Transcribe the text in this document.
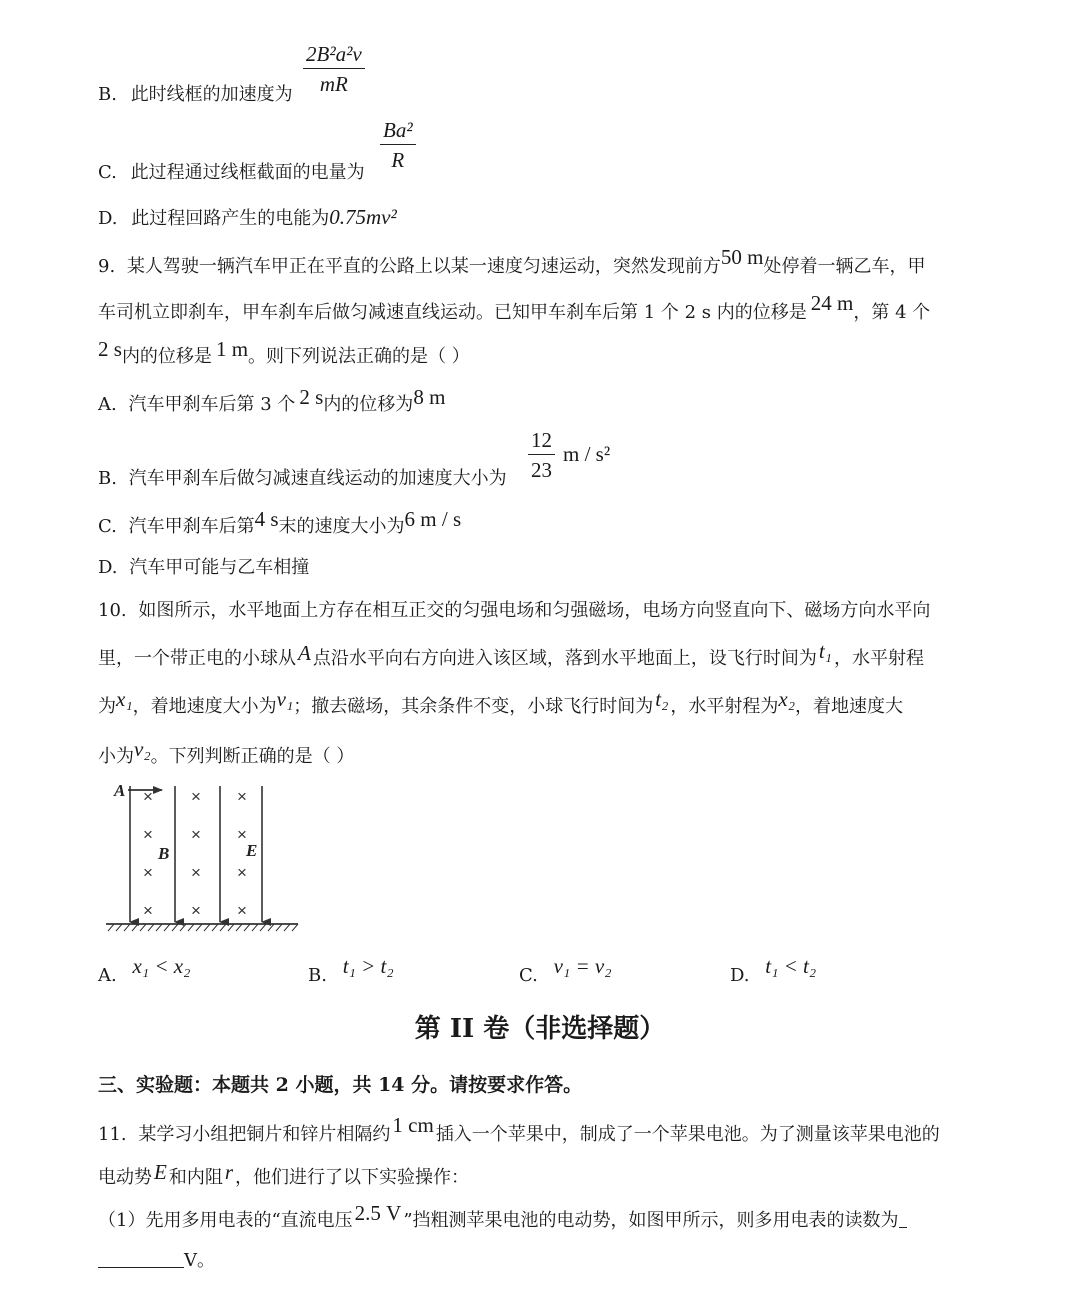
B. 此时线框的加速度为
2B²a²v
mR
C. 此过程通过线框截面的电量为
Ba²
R
D. 此过程回路产生的电能为0.75mv²
9. 某人驾驶一辆汽车甲正在平直的公路上以某一速度匀速运动，突然发现前方50 m处停着一辆乙车，甲
车司机立即刹车，甲车刹车后做匀减速直线运动。已知甲车刹车后第 1 个 2 s 内的位移是 24 m，第 4 个
2 s内的位移是 1 m。则下列说法正确的是（ ）
A. 汽车甲刹车后第 3 个 2 s内的位移为8 m
B. 汽车甲刹车后做匀减速直线运动的加速度大小为
12
23
m / s²
C. 汽车甲刹车后第4 s末的速度大小为6 m / s
D. 汽车甲可能与乙车相撞
10. 如图所示，水平地面上方存在相互正交的匀强电场和匀强磁场，电场方向竖直向下、磁场方向水平向
里，一个带正电的小球从A 点沿水平向右方向进入该区域，落到水平地面上，设飞行时间为t₁ ，水平射程
为x₁，着地速度大小为v₁；撤去磁场，其余条件不变，小球飞行时间为t₂ ，水平射程为x₂，着地速度大
小为v₂。下列判断正确的是（ ）
× × ×
× × ×
× × ×
× × ×
A
B	E
A. x₁ < x₂	B. t₁ > t₂	C. v₁ = v₂	D. t₁ < t₂
第 II 卷（非选择题）
三、实验题：本题共 2 小题，共 14 分。请按要求作答。
11. 某学习小组把铜片和锌片相隔约1 cm 插入一个苹果中，制成了一个苹果电池。为了测量该苹果电池的
电动势E 和内阻r ，他们进行了以下实验操作：
（1）先用多用电表的“直流电压2.5 V ”挡粗测苹果电池的电动势，如图甲所示，则多用电表的读数为
V。
